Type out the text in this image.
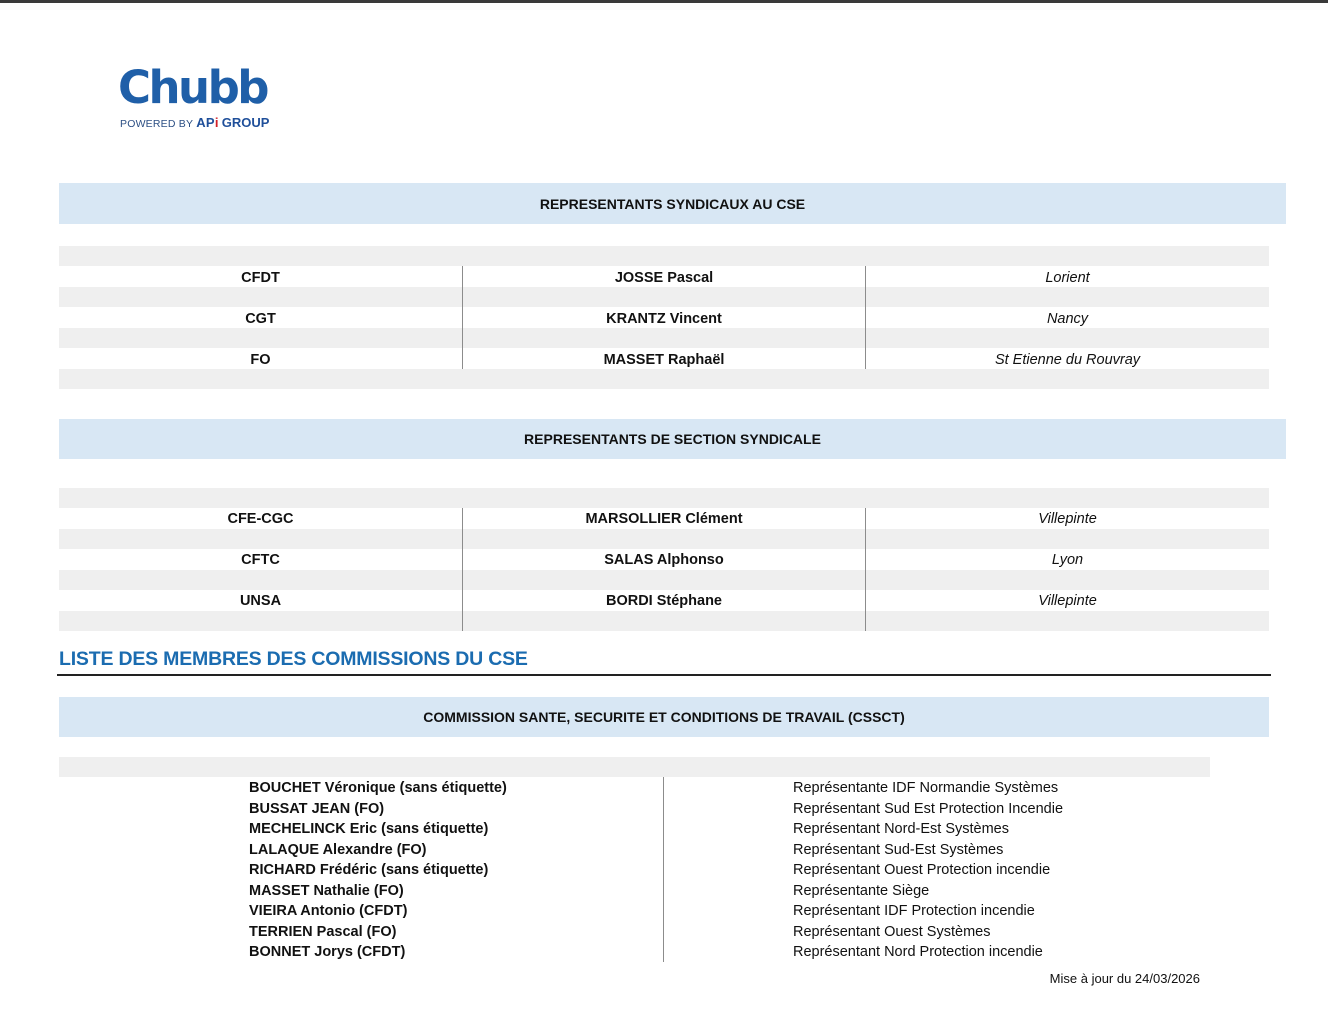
Chubb
POWERED BY APi GROUP
REPRESENTANTS SYNDICAUX AU CSE
CFDT	JOSSE Pascal	Lorient
CGT	KRANTZ Vincent	Nancy
FO	MASSET Raphaël	St Etienne du Rouvray
REPRESENTANTS DE SECTION SYNDICALE
CFE-CGC	MARSOLLIER Clément	Villepinte
CFTC	SALAS Alphonso	Lyon
UNSA	BORDI Stéphane	Villepinte
LISTE DES MEMBRES DES COMMISSIONS DU CSE
COMMISSION SANTE, SECURITE ET CONDITIONS DE TRAVAIL (CSSCT)
BOUCHET Véronique (sans étiquette)	Représentante IDF Normandie Systèmes
BUSSAT JEAN (FO)	Représentant Sud Est Protection Incendie
MECHELINCK Eric (sans étiquette)	Représentant Nord-Est Systèmes
LALAQUE Alexandre (FO)	Représentant Sud-Est Systèmes
RICHARD Frédéric (sans étiquette)	Représentant Ouest Protection incendie
MASSET Nathalie (FO)	Représentante Siège
VIEIRA Antonio (CFDT)	Représentant IDF Protection incendie
TERRIEN Pascal (FO)	Représentant Ouest Systèmes
BONNET Jorys (CFDT)	Représentant Nord Protection incendie
Mise à jour du 24/03/2026
